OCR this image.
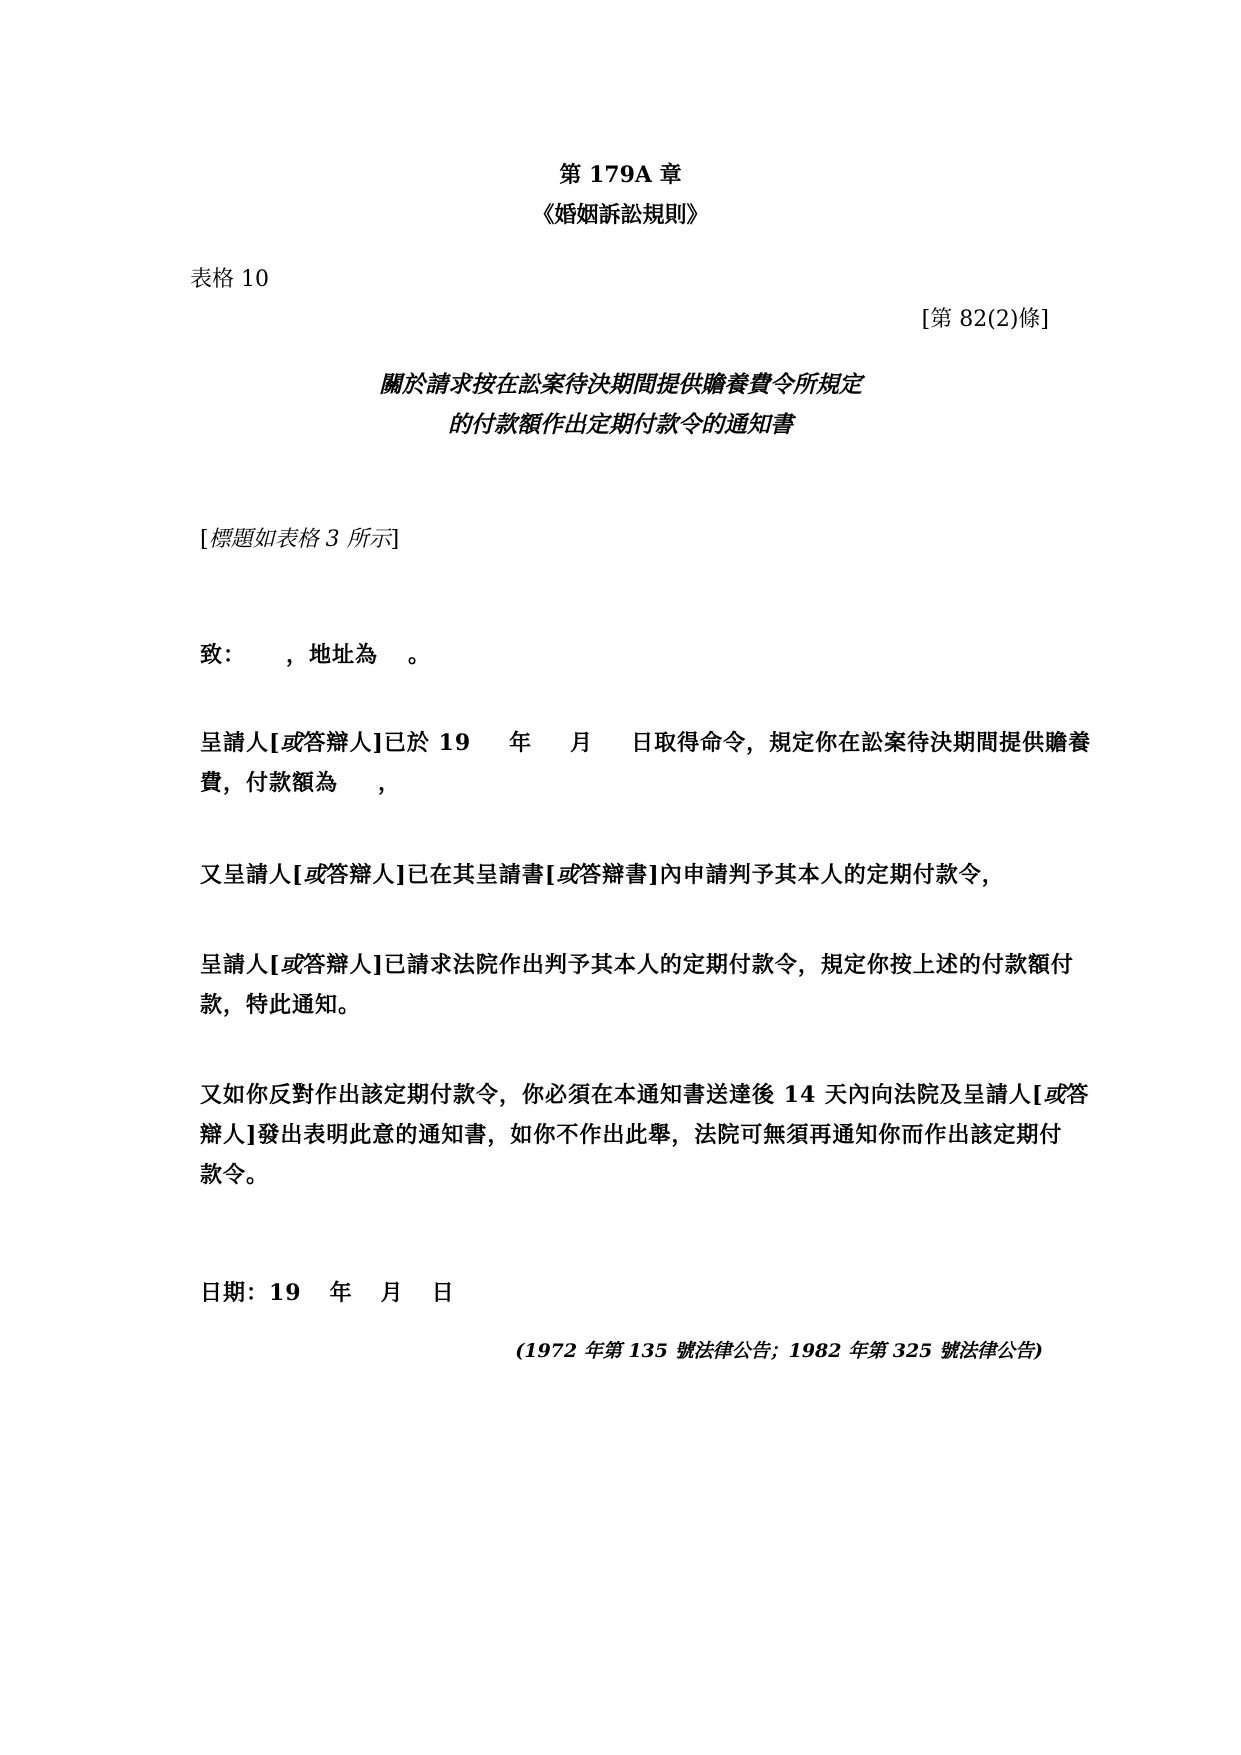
第 179A 章
《婚姻訴訟規則》
表格 10
[第 82(2)條]
關於請求按在訟案待決期間提供贍養費令所規定
的付款額作出定期付款令的通知書
[標題如表格 3 所示]
致： ，地址為 。
呈請人[或答辯人]已於 19 年 月 日取得命令，規定你在訟案待決期間提供贍養
費，付款額為 ，
又呈請人[或答辯人]已在其呈請書[或答辯書]內申請判予其本人的定期付款令，
呈請人[或答辯人]已請求法院作出判予其本人的定期付款令，規定你按上述的付款額付
款，特此通知。
又如你反對作出該定期付款令，你必須在本通知書送達後 14 天內向法院及呈請人[或答
辯人]發出表明此意的通知書，如你不作出此舉，法院可無須再通知你而作出該定期付
款令。
日期：19 年 月 日
(1972 年第 135 號法律公告；1982 年第 325 號法律公告)
